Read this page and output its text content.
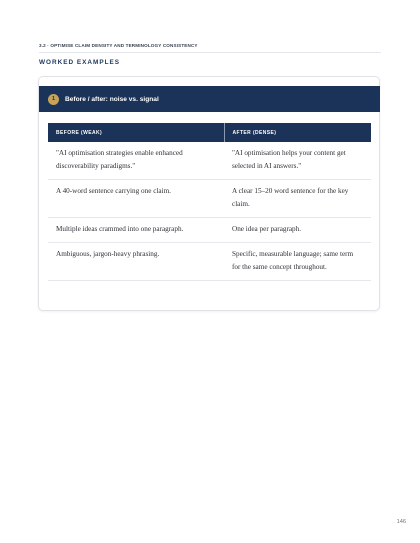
3.2 · OPTIMISE CLAIM DENSITY AND TERMINOLOGY CONSISTENCY
WORKED EXAMPLES
1	Before / after: noise vs. signal
BEFORE (WEAK)	AFTER (DENSE)
"AI optimisation strategies enable enhanced discoverability paradigms."	"AI optimisation helps your content get selected in AI answers."
A 40-word sentence carrying one claim.	A clear 15–20 word sentence for the key claim.
Multiple ideas crammed into one paragraph.	One idea per paragraph.
Ambiguous, jargon-heavy phrasing.	Specific, measurable language; same term for the same concept throughout.
146
